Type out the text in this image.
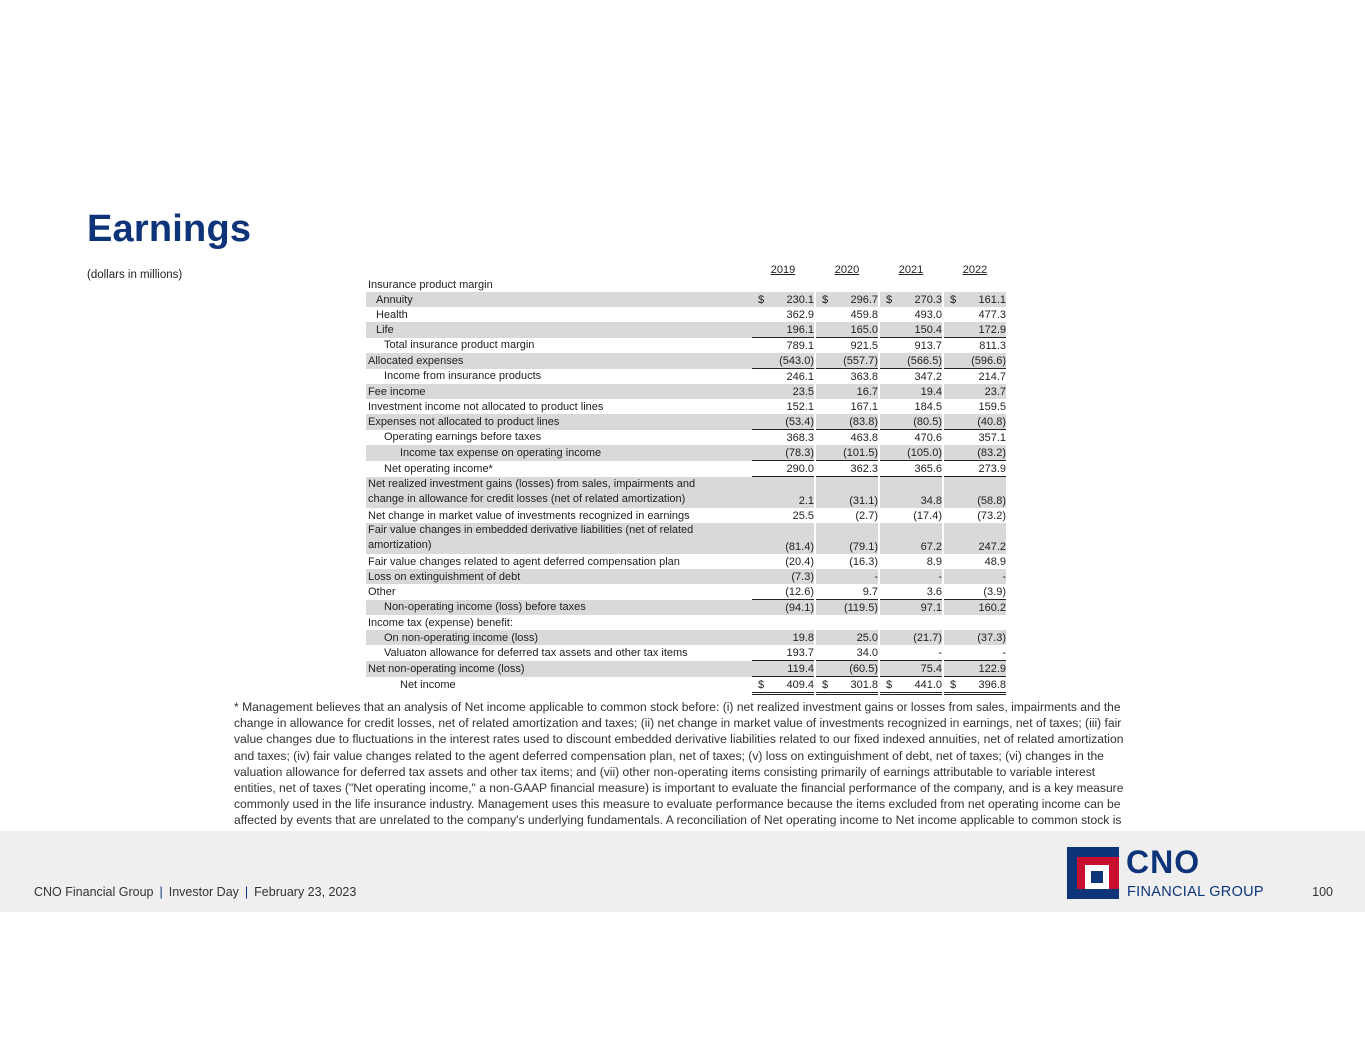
Earnings
(dollars in millions)
		2019		2020		2021		2022
Insurance product margin							
Annuity	$ 230.1		$ 296.7		$ 270.3		$ 161.1
Health	362.9		459.8		493.0		477.3
Life	196.1		165.0		150.4		172.9
Total insurance product margin	789.1		921.5		913.7		811.3
Allocated expenses	(543.0)		(557.7)		(566.5)		(596.6)
Income from insurance products	246.1		363.8		347.2		214.7
Fee income	23.5		16.7		19.4		23.7
Investment income not allocated to product lines	152.1		167.1		184.5		159.5
Expenses not allocated to product lines	(53.4)		(83.8)		(80.5)		(40.8)
Operating earnings before taxes	368.3		463.8		470.6		357.1
Income tax expense on operating income	(78.3)		(101.5)		(105.0)		(83.2)
Net operating income*	290.0		362.3		365.6		273.9
Net realized investment gains (losses) from sales, impairments and
change in allowance for credit losses (net of related amortization)	2.1		(31.1)		34.8		(58.8)
Net change in market value of investments recognized in earnings	25.5		(2.7)		(17.4)		(73.2)
Fair value changes in embedded derivative liabilities (net of related
amortization)	(81.4)		(79.1)		67.2		247.2
Fair value changes related to agent deferred compensation plan	(20.4)		(16.3)		8.9		48.9
Loss on extinguishment of debt	(7.3)		-		-		-
Other	(12.6)		9.7		3.6		(3.9)
Non-operating income (loss) before taxes	(94.1)		(119.5)		97.1		160.2
Income tax (expense) benefit:							
On non-operating income (loss)	19.8		25.0		(21.7)		(37.3)
Valuaton allowance for deferred tax assets and other tax items	193.7		34.0		-		-
Net non-operating income (loss)	119.4		(60.5)		75.4		122.9
Net income	$ 409.4		$ 301.8		$ 441.0		$ 396.8

* Management believes that an analysis of Net income applicable to common stock before: (i) net realized investment gains or losses from sales, impairments and the change in allowance for credit losses, net of related amortization and taxes; (ii) net change in market value of investments recognized in earnings, net of taxes; (iii) fair value changes due to fluctuations in the interest rates used to discount embedded derivative liabilities related to our fixed indexed annuities, net of related amortization and taxes; (iv) fair value changes related to the agent deferred compensation plan, net of taxes; (v) loss on extinguishment of debt, net of taxes; (vi) changes in the valuation allowance for deferred tax assets and other tax items; and (vii) other non-operating items consisting primarily of earnings attributable to variable interest entities, net of taxes ("Net operating income," a non-GAAP financial measure) is important to evaluate the financial performance of the company, and is a key measure commonly used in the life insurance industry. Management uses this measure to evaluate performance because the items excluded from net operating income can be affected by events that are unrelated to the company's underlying fundamentals. A reconciliation of Net operating income to Net income applicable to common stock is

CNO Financial Group | Investor Day | February 23, 2023
CNO
FINANCIAL GROUP	100
